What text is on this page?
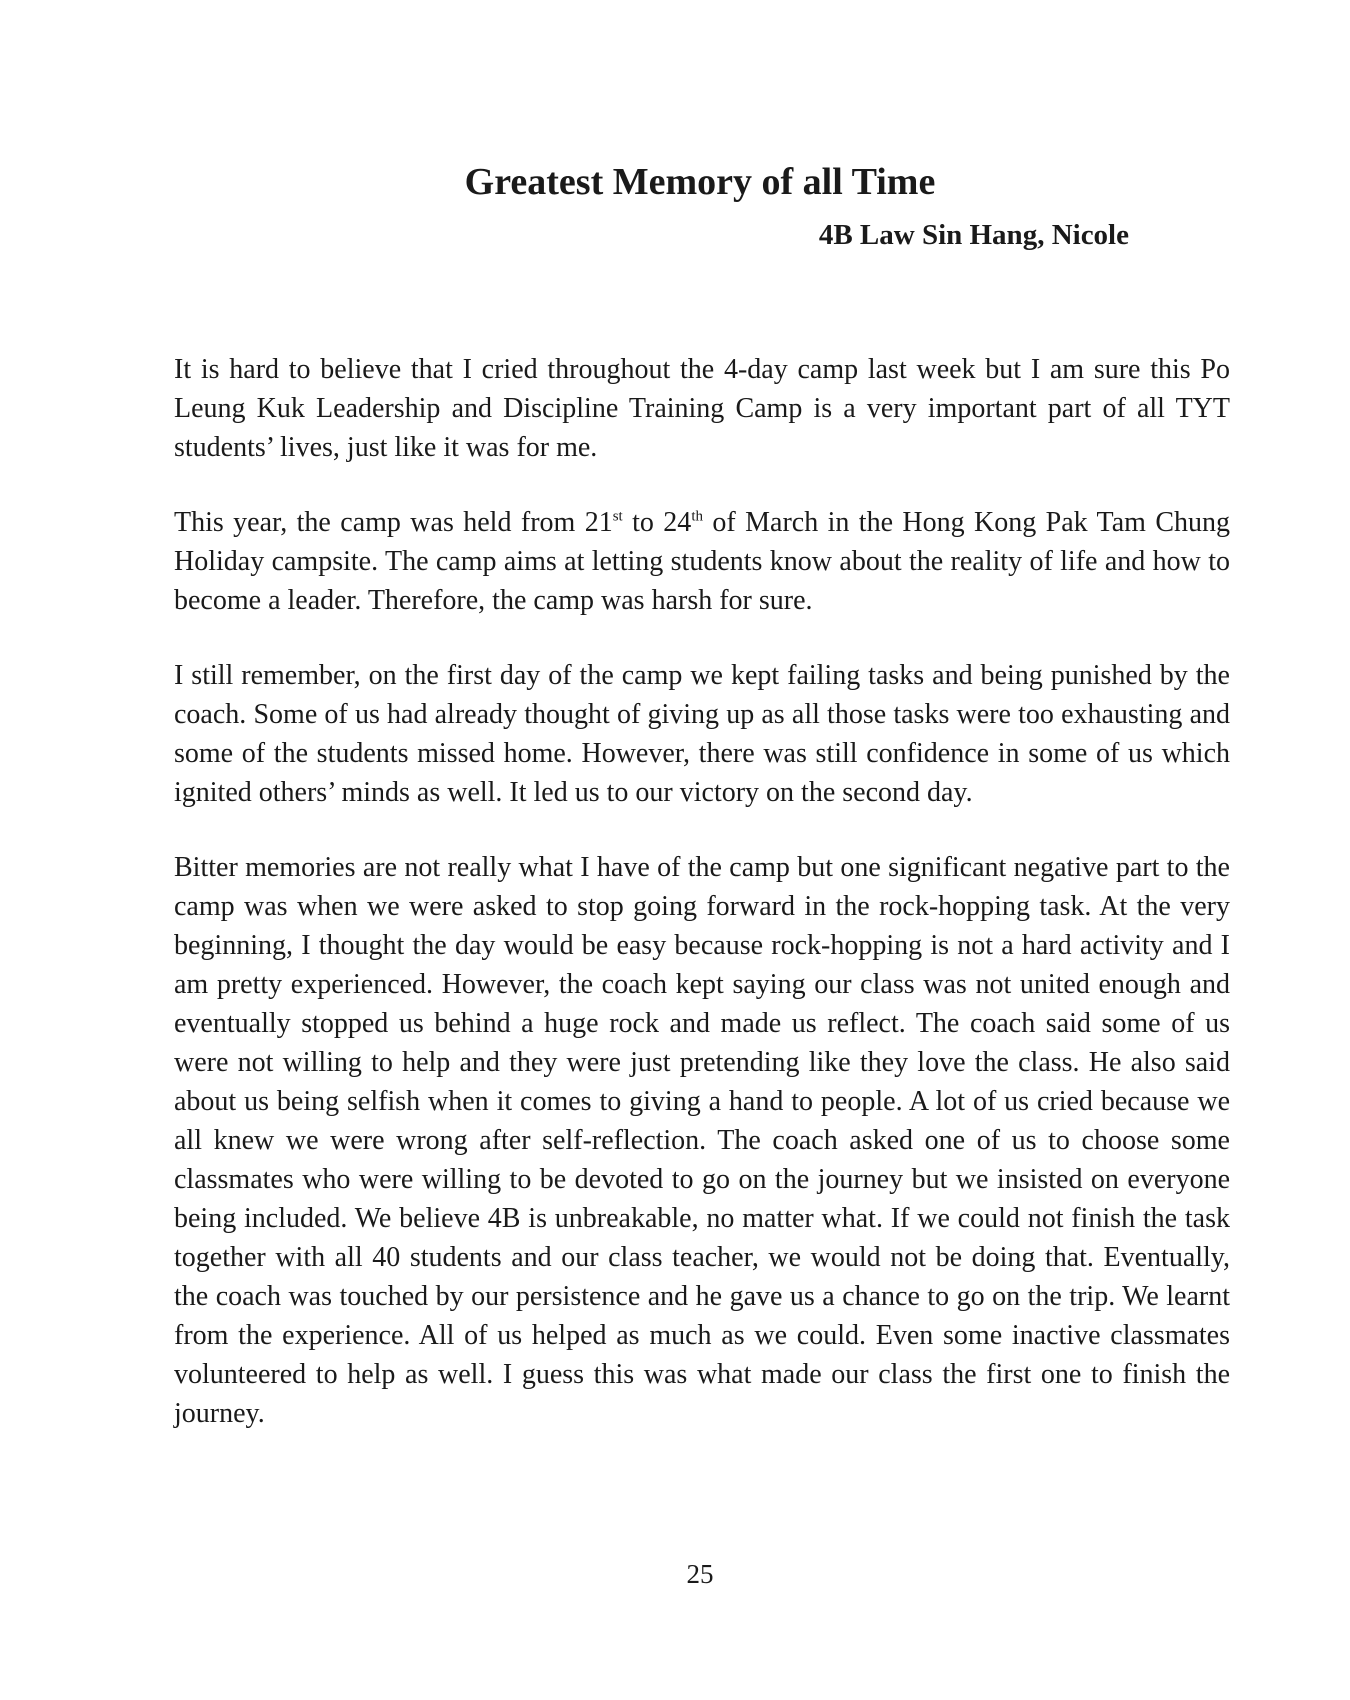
Greatest Memory of all Time

4B Law Sin Hang, Nicole

It is hard to believe that I cried throughout the 4-day camp last week but I am sure this Po Leung Kuk Leadership and Discipline Training Camp is a very important part of all TYT students’ lives, just like it was for me.

This year, the camp was held from 21st to 24th of March in the Hong Kong Pak Tam Chung Holiday campsite. The camp aims at letting students know about the reality of life and how to become a leader. Therefore, the camp was harsh for sure.

I still remember, on the first day of the camp we kept failing tasks and being punished by the coach. Some of us had already thought of giving up as all those tasks were too exhausting and some of the students missed home. However, there was still confidence in some of us which ignited others’ minds as well. It led us to our victory on the second day.

Bitter memories are not really what I have of the camp but one significant negative part to the camp was when we were asked to stop going forward in the rock-hopping task. At the very beginning, I thought the day would be easy because rock-hopping is not a hard activity and I am pretty experienced. However, the coach kept saying our class was not united enough and eventually stopped us behind a huge rock and made us reflect. The coach said some of us were not willing to help and they were just pretending like they love the class. He also said about us being selfish when it comes to giving a hand to people. A lot of us cried because we all knew we were wrong after self-reflection. The coach asked one of us to choose some classmates who were willing to be devoted to go on the journey but we insisted on everyone being included. We believe 4B is unbreakable, no matter what. If we could not finish the task together with all 40 students and our class teacher, we would not be doing that. Eventually, the coach was touched by our persistence and he gave us a chance to go on the trip. We learnt from the experience. All of us helped as much as we could. Even some inactive classmates volunteered to help as well. I guess this was what made our class the first one to finish the journey.

25
